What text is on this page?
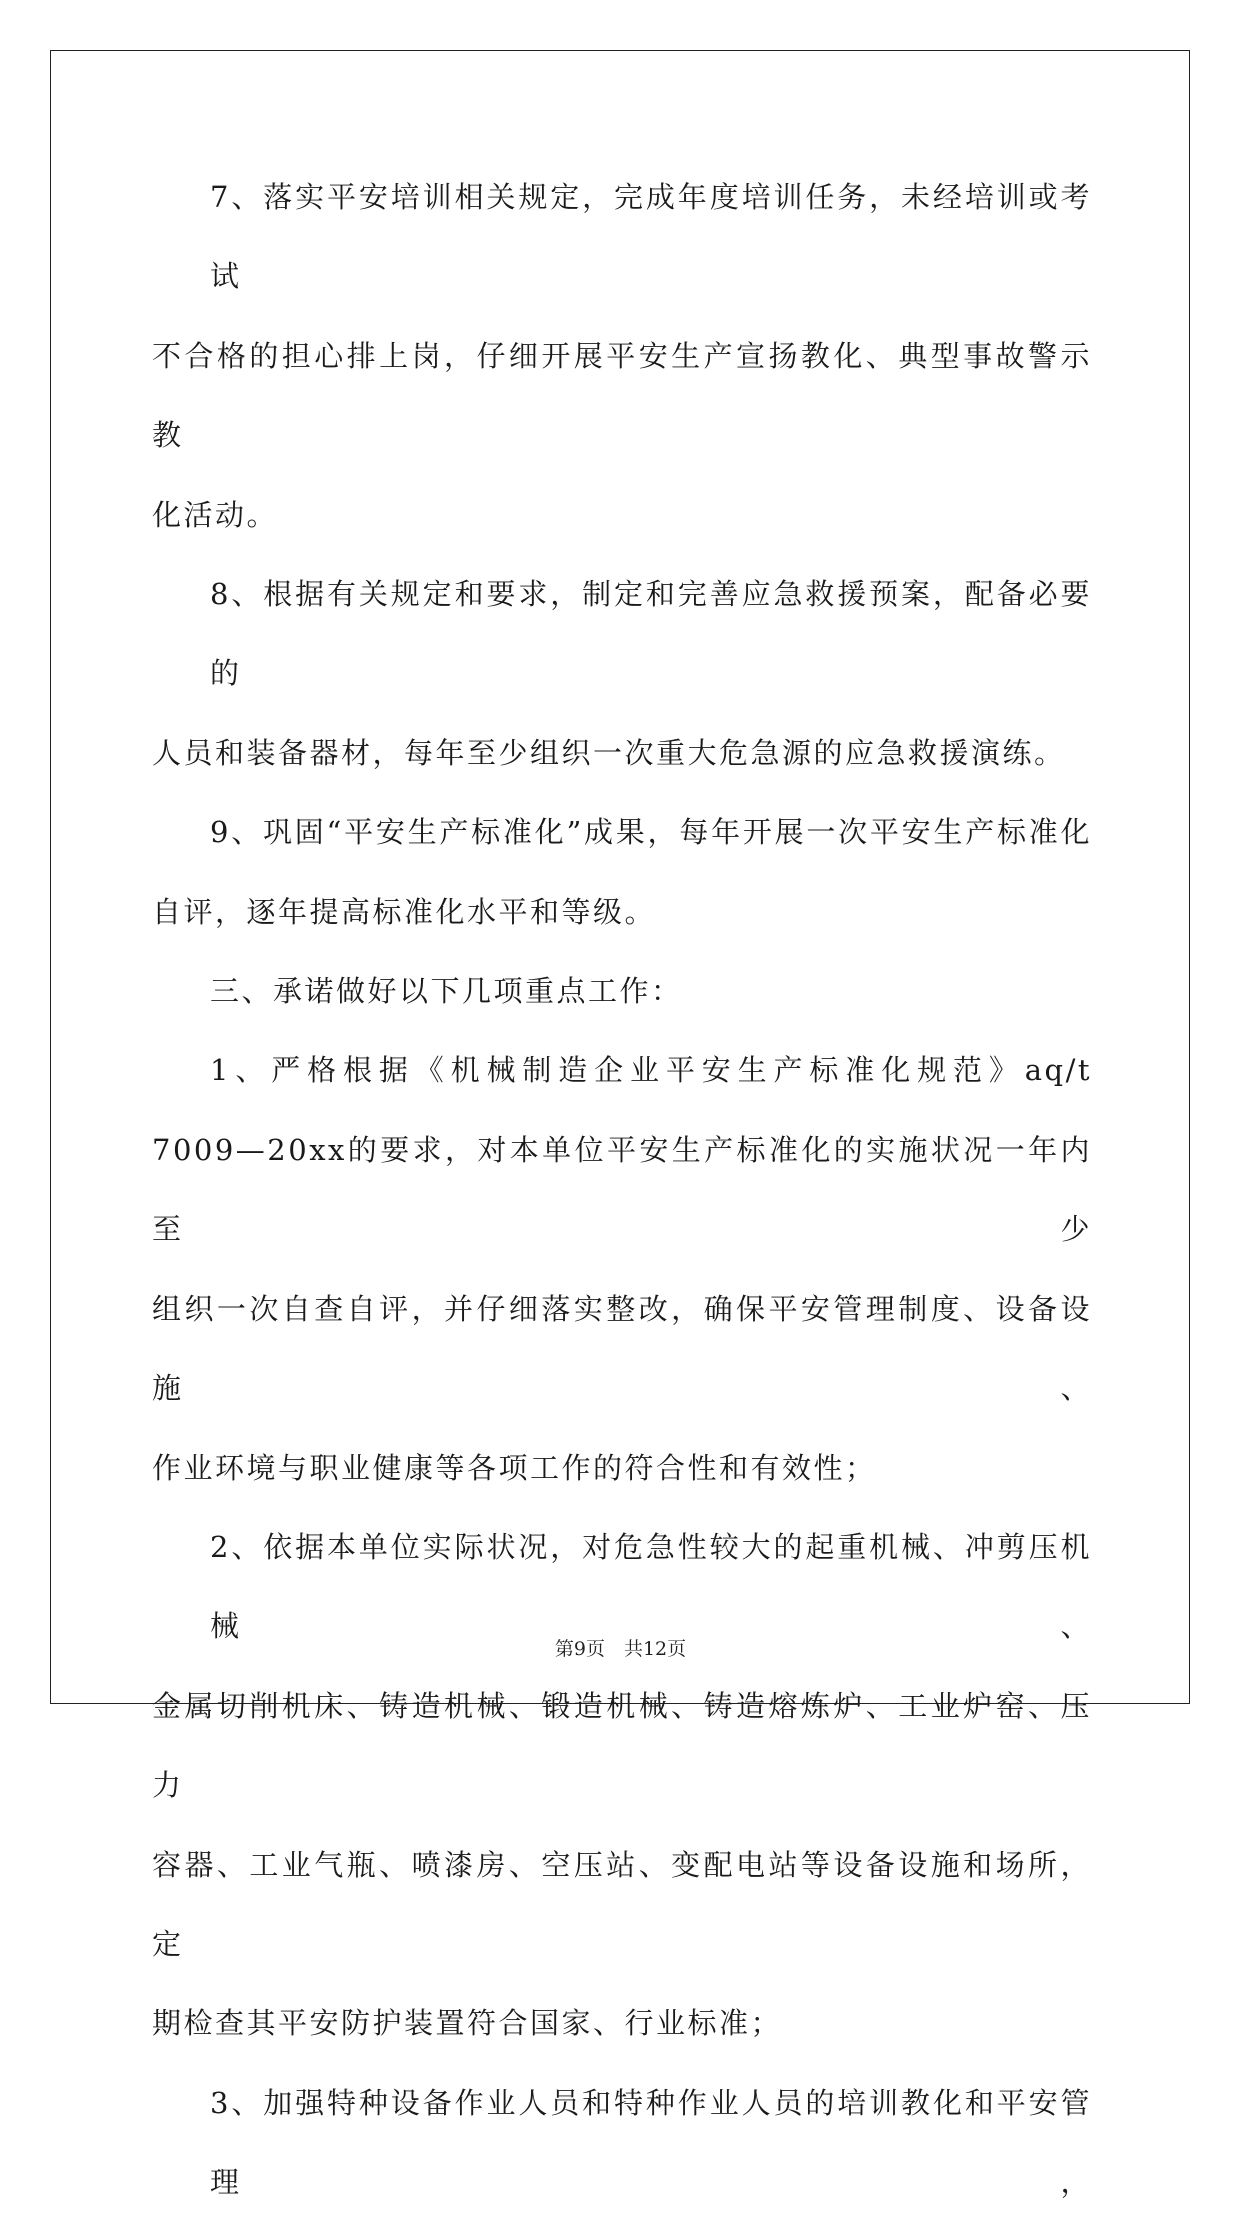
7、落实平安培训相关规定，完成年度培训任务，未经培训或考试
不合格的担心排上岗，仔细开展平安生产宣扬教化、典型事故警示教
化活动。

8、根据有关规定和要求，制定和完善应急救援预案，配备必要的
人员和装备器材，每年至少组织一次重大危急源的应急救援演练。

9、巩固“平安生产标准化”成果，每年开展一次平安生产标准化
自评，逐年提高标准化水平和等级。

三、承诺做好以下几项重点工作：

1、严格根据《机械制造企业平安生产标准化规范》aq/t
7009—20xx的要求，对本单位平安生产标准化的实施状况一年内至少
组织一次自查自评，并仔细落实整改，确保平安管理制度、设备设施、
作业环境与职业健康等各项工作的符合性和有效性；

2、依据本单位实际状况，对危急性较大的起重机械、冲剪压机械、
金属切削机床、铸造机械、锻造机械、铸造熔炼炉、工业炉窑、压力
容器、工业气瓶、喷漆房、空压站、变配电站等设备设施和场所，定
期检查其平安防护装置符合国家、行业标准；

3、加强特种设备作业人员和特种作业人员的培训教化和平安管理，

第9页　共12页
